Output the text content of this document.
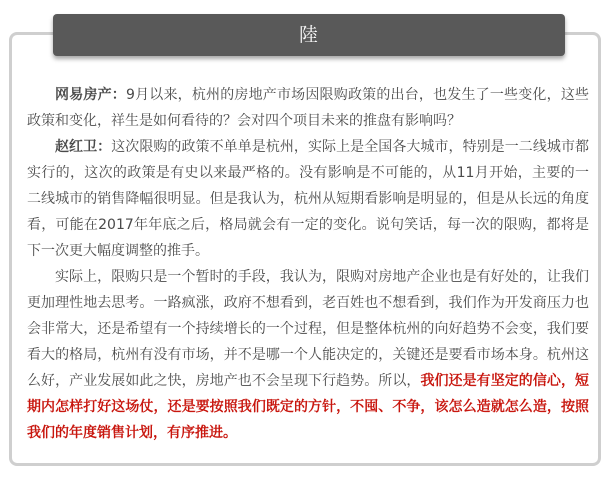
陸

网易房产：9月以来，杭州的房地产市场因限购政策的出台，也发生了一些变化，这些政策和变化，祥生是如何看待的？会对四个项目未来的推盘有影响吗？

赵红卫：这次限购的政策不单单是杭州，实际上是全国各大城市，特别是一二线城市都实行的，这次的政策是有史以来最严格的。没有影响是不可能的，从11月开始，主要的一二线城市的销售降幅很明显。但是我认为，杭州从短期看影响是明显的，但是从长远的角度看，可能在2017年年底之后，格局就会有一定的变化。说句笑话，每一次的限购，都将是下一次更大幅度调整的推手。

实际上，限购只是一个暂时的手段，我认为，限购对房地产企业也是有好处的，让我们更加理性地去思考。一路疯涨，政府不想看到，老百姓也不想看到，我们作为开发商压力也会非常大，还是希望有一个持续增长的一个过程，但是整体杭州的向好趋势不会变，我们要看大的格局，杭州有没有市场，并不是哪一个人能决定的，关键还是要看市场本身。杭州这么好，产业发展如此之快，房地产也不会呈现下行趋势。所以，我们还是有坚定的信心，短期内怎样打好这场仗，还是要按照我们既定的方针，不囤、不争，该怎么造就怎么造，按照我们的年度销售计划，有序推进。
